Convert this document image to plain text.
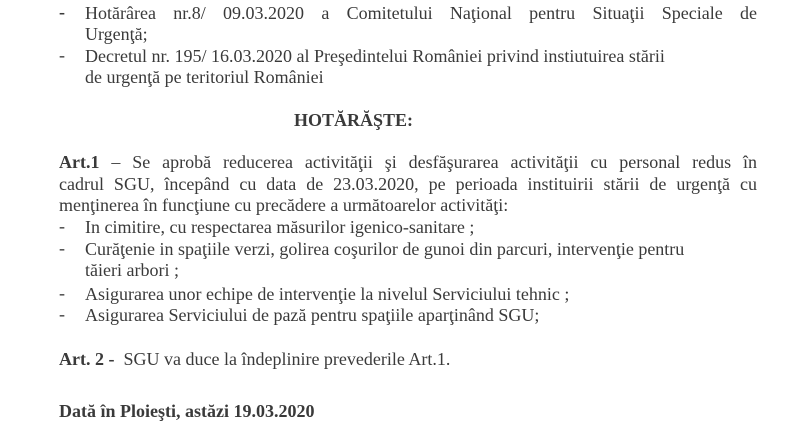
-	Hotărârea nr.8/ 09.03.2020 a Comitetului Naţional pentru Situaţii Speciale de
Urgenţă;
-	Decretul nr. 195/ 16.03.2020 al Preşedintelui României privind instiutuirea stării
de urgenţă pe teritoriul României
HOTĂRĂŞTE:
Art.1 – Se aprobă reducerea activităţii şi desfăşurarea activităţii cu personal redus în
cadrul SGU, începând cu data de 23.03.2020, pe perioada instituirii stării de urgenţă cu
menţinerea în funcţiune cu precădere a următoarelor activităţi:
-	In cimitire, cu respectarea măsurilor igenico-sanitare ;
-	Curăţenie in spaţiile verzi, golirea coşurilor de gunoi din parcuri, intervenţie pentru
tăieri arbori ;
-	Asigurarea unor echipe de intervenţie la nivelul Serviciului tehnic ;
-	Asigurarea Serviciului de pază pentru spaţiile aparţinând SGU;
Art. 2 - SGU va duce la îndeplinire prevederile Art.1.
Dată în Ploieşti, astăzi 19.03.2020
